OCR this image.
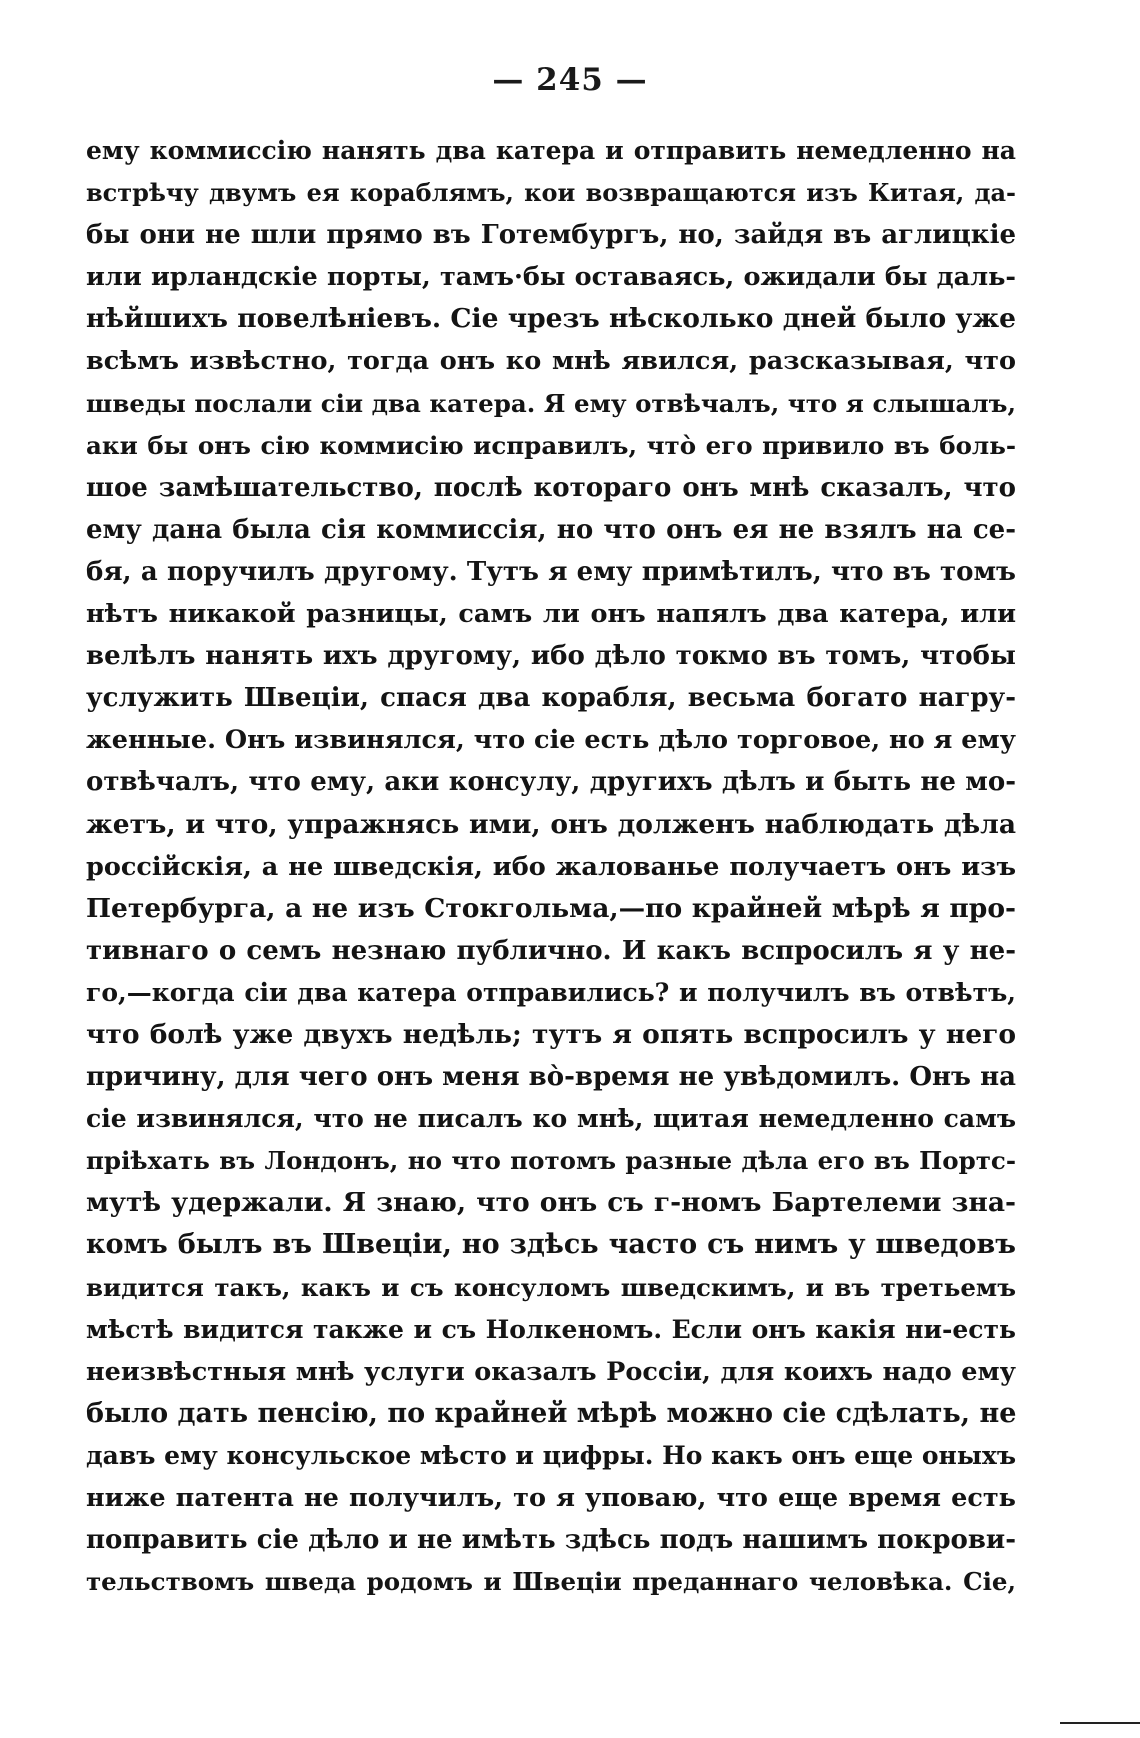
— 245 —
ему коммиссію нанять два катера и отправить немедленно на
встрѣчу двумъ ея кораблямъ, кои возвращаются изъ Китая, да-
бы они не шли прямо въ Готембургъ, но, зайдя въ аглицкіе
или ирландскіе порты, тамъ·бы оставаясь, ожидали бы даль-
нѣйшихъ повелѣніевъ. Сіе чрезъ нѣсколько дней было уже
всѣмъ извѣстно, тогда онъ ко мнѣ явился, разсказывая, что
шведы послали сіи два катера. Я ему отвѣчалъ, что я слышалъ,
аки бы онъ сію коммисію исправилъ, что̀ его привило въ боль-
шое замѣшательство, послѣ котораго онъ мнѣ сказалъ, что
ему дана была сія коммиссія, но что онъ ея не взялъ на се-
бя, а поручилъ другому. Тутъ я ему примѣтилъ, что въ томъ
нѣтъ никакой разницы, самъ ли онъ напялъ два катера, или
велѣлъ нанять ихъ другому, ибо дѣло токмо въ томъ, чтобы
услужить Швеціи, спася два корабля, весьма богато нагру-
женные. Онъ извинялся, что сіе есть дѣло торговое, но я ему
отвѣчалъ, что ему, аки консулу, другихъ дѣлъ и быть не мо-
жетъ, и что, упражнясь ими, онъ долженъ наблюдать дѣла
россійскія, а не шведскія, ибо жалованье получаетъ онъ изъ
Петербурга, а не изъ Стокгольма,—по крайней мѣрѣ я про-
тивнаго о семъ незнаю публично. И какъ вспросилъ я у не-
го,—когда сіи два катера отправились? и получилъ въ отвѣтъ,
что болѣ уже двухъ недѣль; тутъ я опять вспросилъ у него
причину, для чего онъ меня во̀-время не увѣдомилъ. Онъ на
сіе извинялся, что не писалъ ко мнѣ, щитая немедленно самъ
пріѣхать въ Лондонъ, но что потомъ разные дѣла его въ Портс-
мутѣ удержали. Я знаю, что онъ съ г-номъ Бартелеми зна-
комъ былъ въ Швеціи, но здѣсь часто съ нимъ у шведовъ
видится такъ, какъ и съ консуломъ шведскимъ, и въ третьемъ
мѣстѣ видится также и съ Нолкеномъ. Если онъ какія ни-есть
неизвѣстныя мнѣ услуги оказалъ Россіи, для коихъ надо ему
было дать пенсію, по крайней мѣрѣ можно сіе сдѣлать, не
давъ ему консульское мѣсто и цифры. Но какъ онъ еще оныхъ
ниже патента не получилъ, то я уповаю, что еще время есть
поправить сіе дѣло и не имѣть здѣсь подъ нашимъ покрови-
тельствомъ шведа родомъ и Швеціи преданнаго человѣка. Сіе,
